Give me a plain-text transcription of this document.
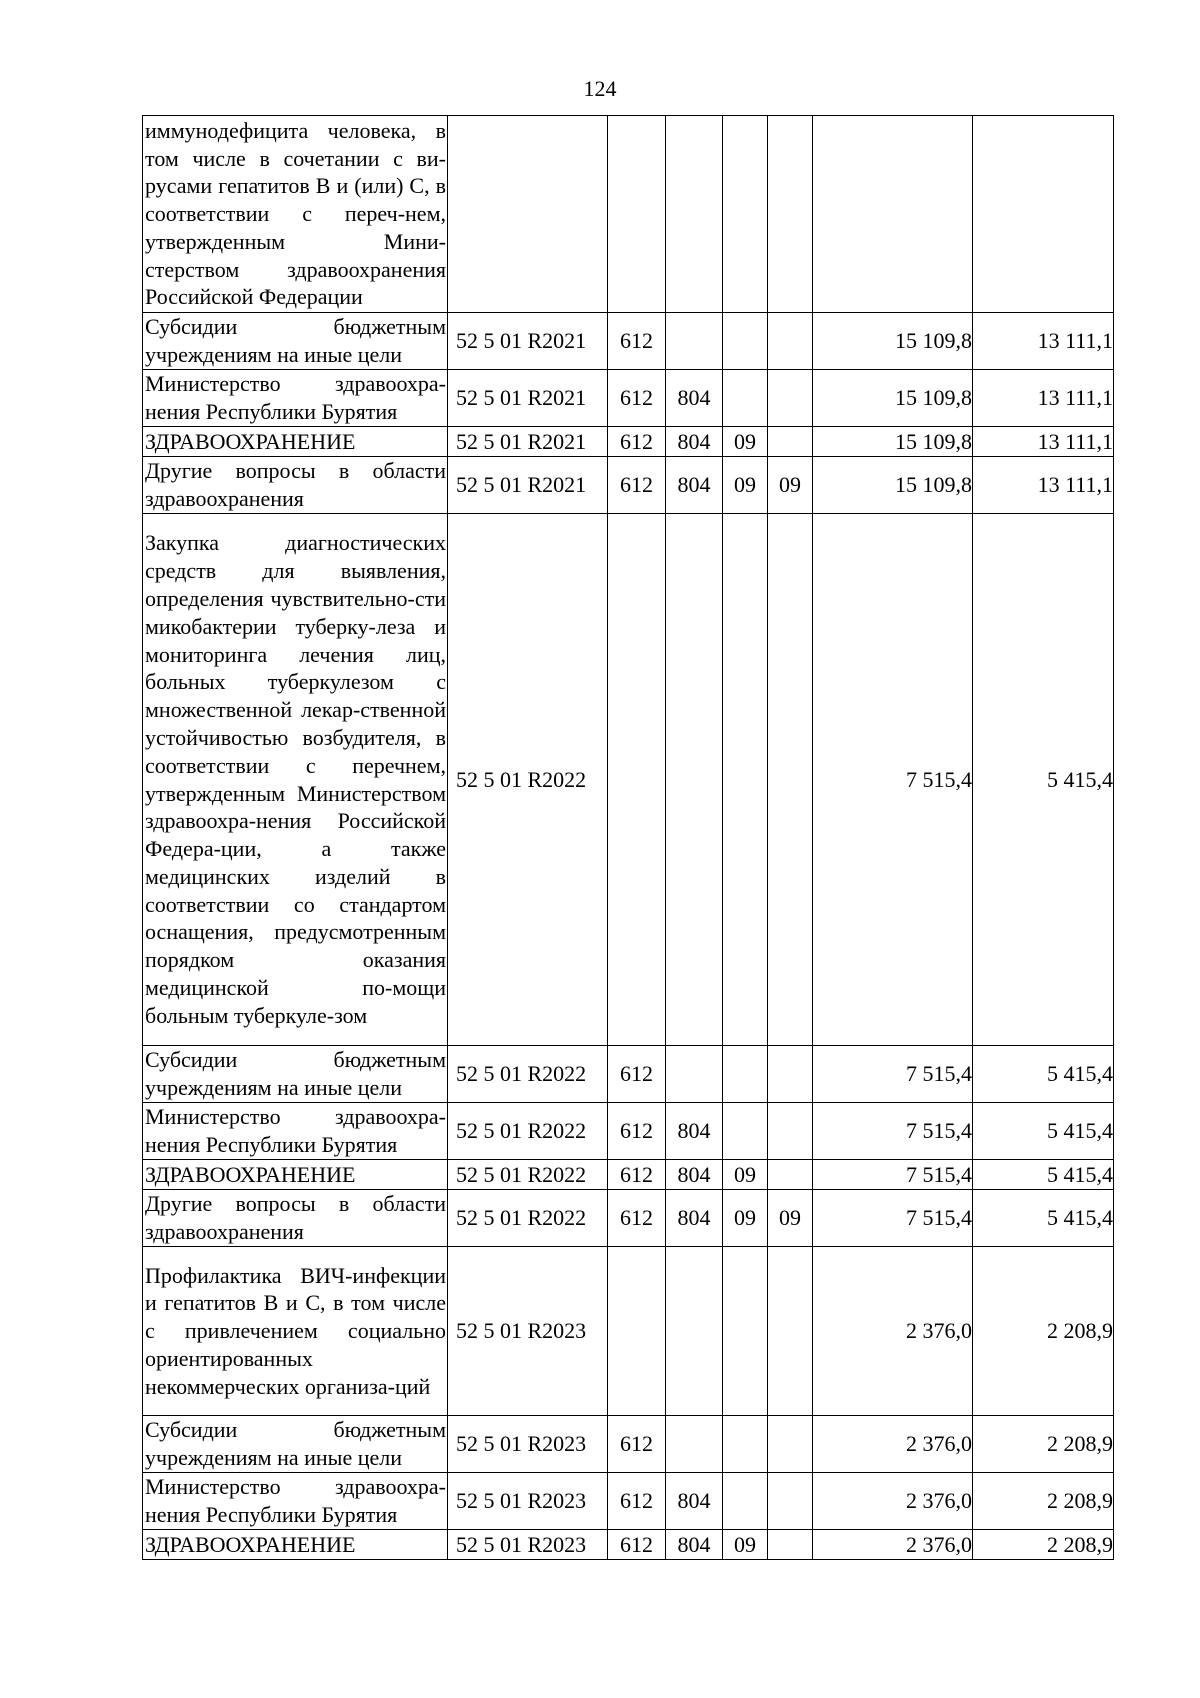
124
иммунодефицита человека, в том числе в сочетании с ви-русами гепатитов В и (или) С, в соответствии с переч-нем, утвержденным Мини-стерством здравоохранения Российской Федерации							
Субсидии бюджетным учреждениям на иные цели	52 5 01 R2021	612				15 109,8	13 111,1
Министерство здравоохра-нения Республики Бурятия	52 5 01 R2021	612	804			15 109,8	13 111,1
ЗДРАВООХРАНЕНИЕ	52 5 01 R2021	612	804	09		15 109,8	13 111,1
Другие вопросы в области здравоохранения	52 5 01 R2021	612	804	09	09	15 109,8	13 111,1
Закупка диагностических средств для выявления, определения чувствительно-сти микобактерии туберку-леза и мониторинга лечения лиц, больных туберкулезом с множественной лекар-ственной устойчивостью возбудителя, в соответствии с перечнем, утвержденным Министерством здравоохра-нения Российской Федера-ции, а также медицинских изделий в соответствии со стандартом оснащения, предусмотренным порядком оказания медицинской по-мощи больным туберкуле-зом	52 5 01 R2022					7 515,4	5 415,4
Субсидии бюджетным учреждениям на иные цели	52 5 01 R2022	612				7 515,4	5 415,4
Министерство здравоохра-нения Республики Бурятия	52 5 01 R2022	612	804			7 515,4	5 415,4
ЗДРАВООХРАНЕНИЕ	52 5 01 R2022	612	804	09		7 515,4	5 415,4
Другие вопросы в области здравоохранения	52 5 01 R2022	612	804	09	09	7 515,4	5 415,4
Профилактика ВИЧ-инфекции и гепатитов В и С, в том числе с привлечением социально ориентированных некоммерческих организа-ций	52 5 01 R2023					2 376,0	2 208,9
Субсидии бюджетным учреждениям на иные цели	52 5 01 R2023	612				2 376,0	2 208,9
Министерство здравоохра-нения Республики Бурятия	52 5 01 R2023	612	804			2 376,0	2 208,9
ЗДРАВООХРАНЕНИЕ	52 5 01 R2023	612	804	09		2 376,0	2 208,9
